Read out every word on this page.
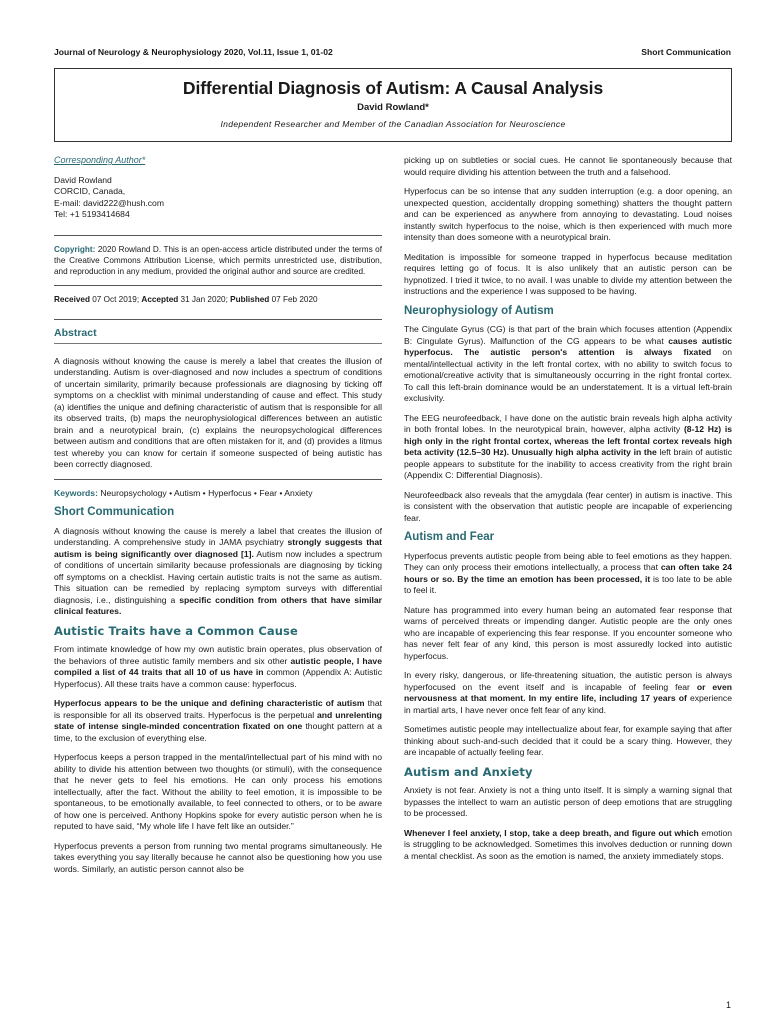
Journal of Neurology & Neurophysiology 2020, Vol.11, Issue 1, 01-02	Short Communication
Differential Diagnosis of Autism: A Causal Analysis
David Rowland*
Independent Researcher and Member of the Canadian Association for Neuroscience
Corresponding Author*

David Rowland

CORCID, Canada,

E-mail: david222@hush.com

Tel: +1 5193414684

Copyright: 2020 Rowland D. This is an open-access article distributed under the terms of the Creative Commons Attribution License, which permits unrestricted use, distribution, and reproduction in any medium, provided the original author and source are credited.

Received 07 Oct 2019; Accepted 31 Jan 2020; Published 07 Feb 2020

Abstract

A diagnosis without knowing the cause is merely a label that creates the illusion of understanding. Autism is over-diagnosed and now includes a spectrum of conditions of uncertain similarity, primarily because professionals are diagnosing by ticking off symptoms on a checklist with minimal understanding of cause and effect. This study (a) identifies the unique and defining characteristic of autism that is responsible for all its observed traits, (b) maps the neurophysiological differences between an autistic brain and a neurotypical brain, (c) explains the neuropsychological differences between autism and conditions that are often mistaken for it, and (d) provides a litmus test whereby you can know for certain if someone suspected of being autistic has been correctly diagnosed.

Keywords: Neuropsychology • Autism • Hyperfocus • Fear • Anxiety

Short Communication

A diagnosis without knowing the cause is merely a label that creates the illusion of understanding. A comprehensive study in JAMA psychiatry strongly suggests that autism is being significantly over diagnosed [1]. Autism now includes a spectrum of conditions of uncertain similarity because professionals are diagnosing by ticking off symptoms on a checklist. Having certain autistic traits is not the same as autism. This situation can be remedied by replacing symptom surveys with differential diagnosis, i.e., distinguishing a specific condition from others that have similar clinical features.

Autistic Traits have a Common Cause

From intimate knowledge of how my own autistic brain operates, plus observation of the behaviors of three autistic family members and six other autistic people, I have compiled a list of 44 traits that all 10 of us have in common (Appendix A: Autistic Hyperfocus). All these traits have a common cause: hyperfocus.

Hyperfocus appears to be the unique and defining characteristic of autism that is responsible for all its observed traits. Hyperfocus is the perpetual and unrelenting state of intense single-minded concentration fixated on one thought pattern at a time, to the exclusion of everything else.

Hyperfocus keeps a person trapped in the mental/intellectual part of his mind with no ability to divide his attention between two thoughts (or stimuli), with the consequence that he never gets to feel his emotions. He can only process his emotions intellectually, after the fact. Without the ability to feel emotion, it is impossible to be spontaneous, to be emotionally available, to feel connected to others, or to be aware of how one is perceived. Anthony Hopkins spoke for every autistic person when he is reputed to have said, “My whole life I have felt like an outsider.”

Hyperfocus prevents a person from running two mental programs simultaneously. He takes everything you say literally because he cannot also be questioning how you use words. Similarly, an autistic person cannot also be

picking up on subtleties or social cues. He cannot lie spontaneously because that would require dividing his attention between the truth and a falsehood.

Hyperfocus can be so intense that any sudden interruption (e.g. a door opening, an unexpected question, accidentally dropping something) shatters the thought pattern and can be experienced as anywhere from annoying to devastating. Loud noises instantly switch hyperfocus to the noise, which is then experienced with much more intensity than does someone with a neurotypical brain.

Meditation is impossible for someone trapped in hyperfocus because meditation requires letting go of focus. It is also unlikely that an autistic person can be hypnotized. I tried it twice, to no avail. I was unable to divide my attention between the instructions and the experience I was supposed to be having.

Neurophysiology of Autism

The Cingulate Gyrus (CG) is that part of the brain which focuses attention (Appendix B: Cingulate Gyrus). Malfunction of the CG appears to be what causes autistic hyperfocus. The autistic person's attention is always fixated on mental/intellectual activity in the left frontal cortex, with no ability to switch focus to emotional/creative activity that is simultaneously occurring in the right frontal cortex. To call this left-brain dominance would be an understatement. It is a virtual left-brain exclusivity.

The EEG neurofeedback, I have done on the autistic brain reveals high alpha activity in both frontal lobes. In the neurotypical brain, however, alpha activity (8-12 Hz) is high only in the right frontal cortex, whereas the left frontal cortex reveals high beta activity (12.5–30 Hz). Unusually high alpha activity in the left brain of autistic people appears to substitute for the inability to access creativity from the right brain (Appendix C: Differential Diagnosis).

Neurofeedback also reveals that the amygdala (fear center) in autism is inactive. This is consistent with the observation that autistic people are incapable of experiencing fear.

Autism and Fear

Hyperfocus prevents autistic people from being able to feel emotions as they happen. They can only process their emotions intellectually, a process that can often take 24 hours or so. By the time an emotion has been processed, it is too late to be able to feel it.

Nature has programmed into every human being an automated fear response that warns of perceived threats or impending danger. Autistic people are the only ones who are incapable of experiencing this fear response. If you encounter someone who has never felt fear of any kind, this person is most assuredly locked into autistic hyperfocus.

In every risky, dangerous, or life-threatening situation, the autistic person is always hyperfocused on the event itself and is incapable of feeling fear or even nervousness at that moment. In my entire life, including 17 years of experience in martial arts, I have never once felt fear of any kind.

Sometimes autistic people may intellectualize about fear, for example saying that after thinking about such-and-such decided that it could be a scary thing. However, they are incapable of actually feeling fear.

Autism and Anxiety

Anxiety is not fear. Anxiety is not a thing unto itself. It is simply a warning signal that bypasses the intellect to warn an autistic person of deep emotions that are struggling to be processed.

Whenever I feel anxiety, I stop, take a deep breath, and figure out which emotion is struggling to be acknowledged. Sometimes this involves deduction or running down a mental checklist. As soon as the emotion is named, the anxiety immediately stops.

1
